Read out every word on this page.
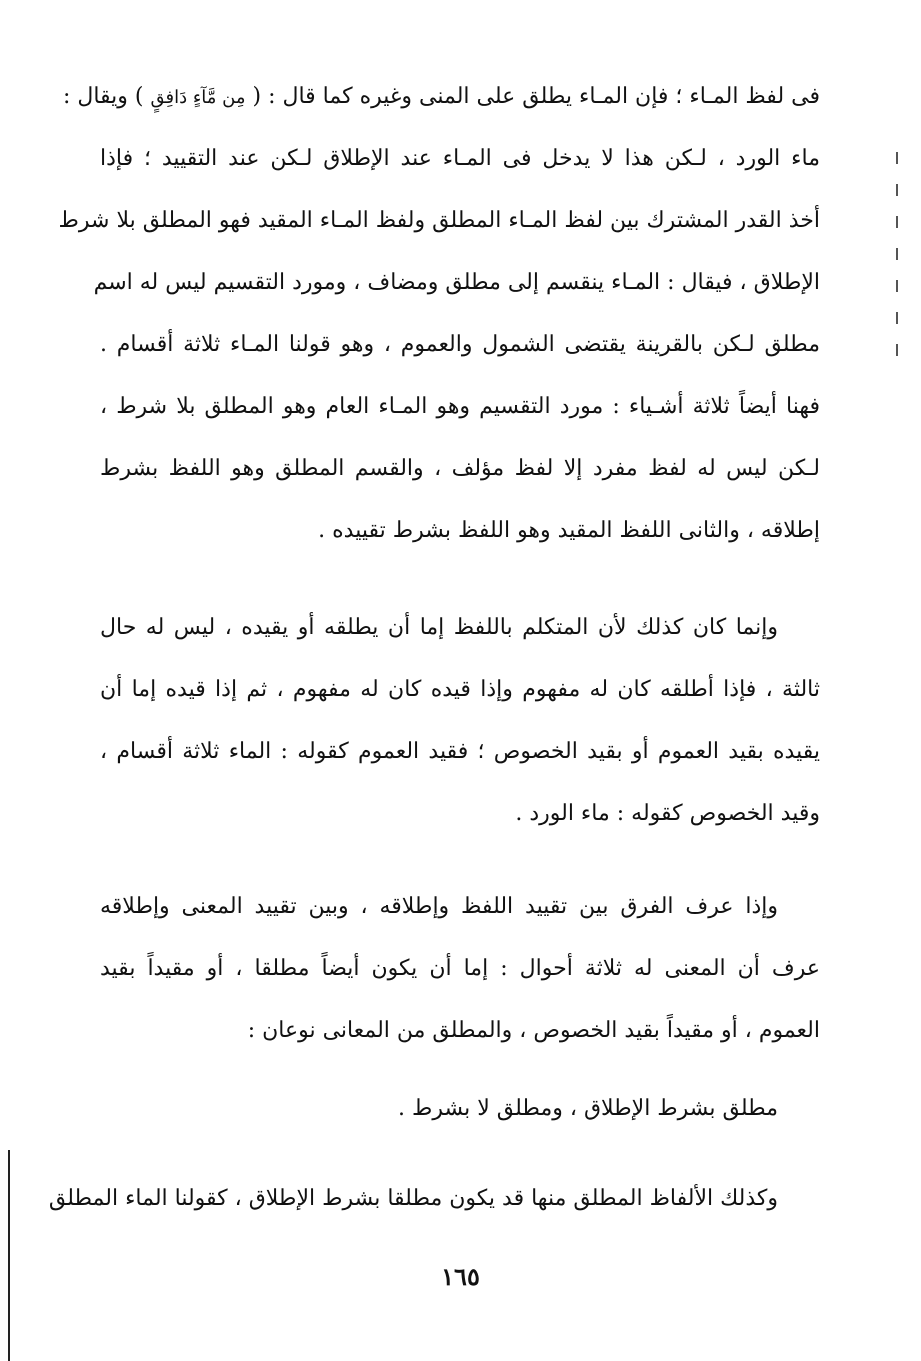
فى لفظ المـاء ؛ فإن المـاء يطلق على المنى وغيره كما قال : ( مِن مَّآءٍ دَافِقٍ ) ويقال :
ماء الورد ، لـكن هذا لا يدخل فى المـاء عند الإطلاق لـكن عند التقييد ؛ فإذا
أخذ القدر المشترك بين لفظ المـاء المطلق ولفظ المـاء المقيد فهو المطلق بلا شرط
الإطلاق ، فيقال : المـاء ينقسم إلى مطلق ومضاف ، ومورد التقسيم ليس له اسم
مطلق لـكن بالقرينة يقتضى الشمول والعموم ، وهو قولنا المـاء ثلاثة أقسام .
فهنا أيضاً ثلاثة أشـياء : مورد التقسيم وهو المـاء العام وهو المطلق بلا شرط ،
لـكن ليس له لفظ مفرد إلا لفظ مؤلف ، والقسم المطلق وهو اللفظ بشرط
إطلاقه ، والثانى اللفظ المقيد وهو اللفظ بشرط تقييده .
وإنما كان كذلك لأن المتكلم باللفظ إما أن يطلقه أو يقيده ، ليس له حال
ثالثة ، فإذا أطلقه كان له مفهوم وإذا قيده كان له مفهوم ، ثم إذا قيده إما أن
يقيده بقيد العموم أو بقيد الخصوص ؛ فقيد العموم كقوله : الماء ثلاثة أقسام ،
وقيد الخصوص كقوله : ماء الورد .
وإذا عرف الفرق بين تقييد اللفظ وإطلاقه ، وبين تقييد المعنى وإطلاقه
عرف أن المعنى له ثلاثة أحوال : إما أن يكون أيضاً مطلقا ، أو مقيداً بقيد
العموم ، أو مقيداً بقيد الخصوص ، والمطلق من المعانى نوعان :
مطلق بشرط الإطلاق ، ومطلق لا بشرط .
وكذلك الألفاظ المطلق منها قد يكون مطلقا بشرط الإطلاق ، كقولنا الماء المطلق
١٦٥
